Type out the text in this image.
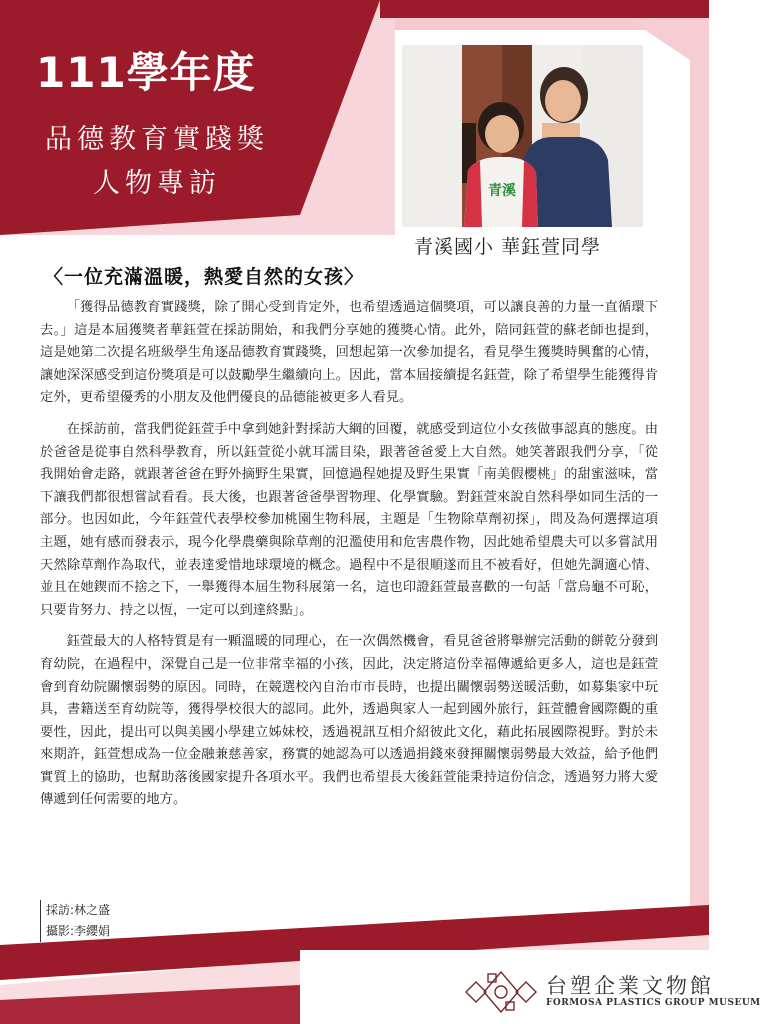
111學年度
品德教育實踐獎
人物專訪	青溪
青溪國小 華鈺萱同學
〈一位充滿溫暖，熱愛自然的女孩〉

「獲得品德教育實踐獎，除了開心受到肯定外，也希望透過這個獎項，可以讓良善的力量一直循環下去。」這是本屆獲獎者華鈺萱在採訪開始，和我們分享她的獲獎心情。此外，陪同鈺萱的蘇老師也提到，這是她第二次提名班級學生角逐品德教育實踐獎，回想起第一次參加提名，看見學生獲獎時興奮的心情，讓她深深感受到這份獎項是可以鼓勵學生繼續向上。因此，當本屆接續提名鈺萱，除了希望學生能獲得肯定外，更希望優秀的小朋友及他們優良的品德能被更多人看見。

在採訪前，當我們從鈺萱手中拿到她針對採訪大綱的回覆，就感受到這位小女孩做事認真的態度。由於爸爸是從事自然科學教育，所以鈺萱從小就耳濡目染，跟著爸爸愛上大自然。她笑著跟我們分享，「從我開始會走路，就跟著爸爸在野外摘野生果實，回憶過程她提及野生果實「南美假櫻桃」的甜蜜滋味，當下讓我們都很想嘗試看看。長大後，也跟著爸爸學習物理、化學實驗。對鈺萱來說自然科學如同生活的一部分。也因如此，今年鈺萱代表學校參加桃園生物科展，主題是「生物除草劑初探」，問及為何選擇這項主題，她有感而發表示，現今化學農藥與除草劑的氾濫使用和危害農作物，因此她希望農夫可以多嘗試用天然除草劑作為取代，並表達愛惜地球環境的概念。過程中不是很順遂而且不被看好，但她先調適心情、並且在她鍥而不捨之下，一舉獲得本屆生物科展第一名，這也印證鈺萱最喜歡的一句話「當烏龜不可恥，只要肯努力、持之以恆，一定可以到達終點」。

鈺萱最大的人格特質是有一顆溫暖的同理心，在一次偶然機會，看見爸爸將舉辦完活動的餅乾分發到育幼院，在過程中，深覺自己是一位非常幸福的小孩，因此，決定將這份幸福傳遞給更多人，這也是鈺萱會到育幼院關懷弱勢的原因。同時，在競選校內自治市市長時，也提出關懷弱勢送暖活動，如募集家中玩具，書籍送至育幼院等，獲得學校很大的認同。此外，透過與家人一起到國外旅行，鈺萱體會國際觀的重要性，因此，提出可以與美國小學建立姊妹校，透過視訊互相介紹彼此文化，藉此拓展國際視野。對於未來期許，鈺萱想成為一位金融兼慈善家，務實的她認為可以透過捐錢來發揮關懷弱勢最大效益，給予他們實質上的協助，也幫助落後國家提升各項水平。我們也希望長大後鈺萱能秉持這份信念，透過努力將大愛傳遞到任何需要的地方。

採訪:林之盛
攝影:李纓娟
台塑企業文物館
FORMOSA PLASTICS GROUP MUSEUM
